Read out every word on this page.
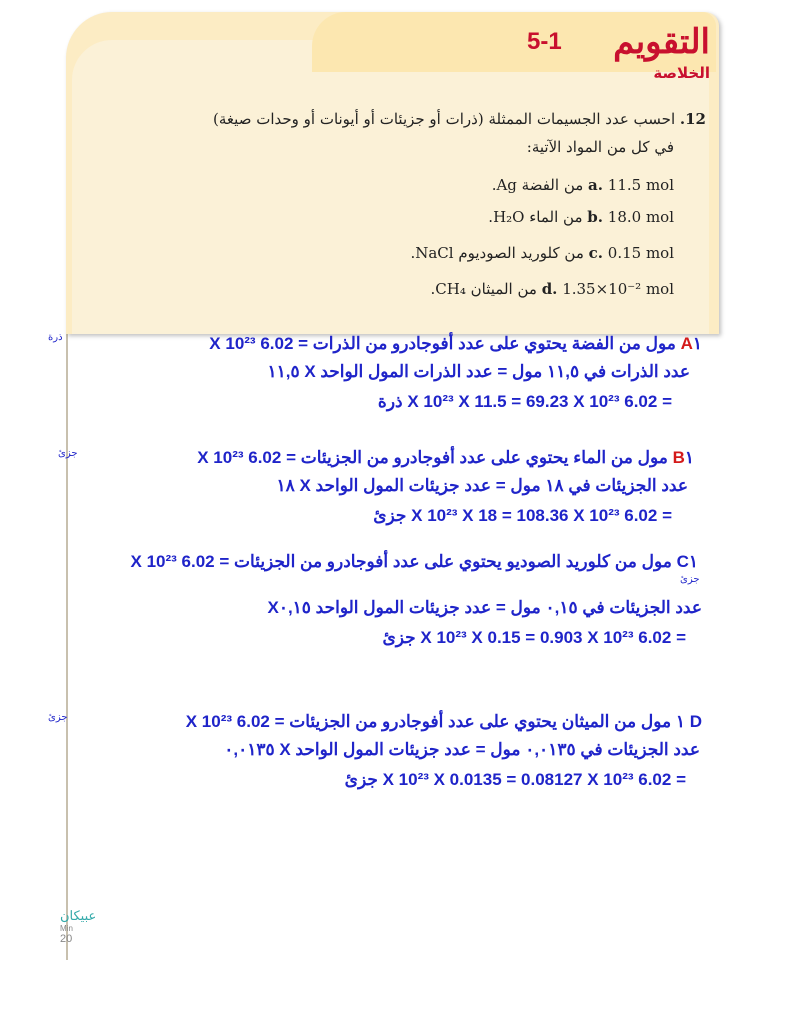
التقويم
5-1
الخلاصة
12. احسب عدد الجسيمات الممثلة (ذرات أو جزيئات أو أيونات أو وحدات صيغة)
في كل من المواد الآتية:
a. 11.5 mol من الفضة Ag.
b. 18.0 mol من الماء H₂O.
c. 0.15 mol من كلوريد الصوديوم NaCl.
d. 1.35×10⁻² mol من الميثان CH₄.
ذرة	A١ مول من الفضة يحتوي على عدد أفوجادرو من الذرات = 6.02 X 10²³
عدد الذرات في ١١,٥ مول = عدد الذرات المول الواحد X ١١,٥
= 6.02 X 10²³ X 11.5 = 69.23 X 10²³ ذرة
جزئ	B١ مول من الماء يحتوي على عدد أفوجادرو من الجزيئات = 6.02 X 10²³
عدد الجزيئات في ١٨ مول = عدد جزيئات المول الواحد X ١٨
= 6.02 X 10²³ X 18 = 108.36 X 10²³ جزئ
C١ مول من كلوريد الصوديو يحتوي على عدد أفوجادرو من الجزيئات = 6.02 X 10²³
جزئ
عدد الجزيئات في ٠,١٥ مول = عدد جزيئات المول الواحد X٠,١٥
= 6.02 X 10²³ X 0.15 = 0.903 X 10²³ جزئ
جزئ	D ١ مول من الميثان يحتوي على عدد أفوجادرو من الجزيئات = 6.02 X 10²³
عدد الجزيئات في ٠,٠١٣٥ مول = عدد جزيئات المول الواحد X ٠,٠١٣٥
= 6.02 X 10²³ X 0.0135 = 0.08127 X 10²³ جزئ
عبيكان
Min
20
